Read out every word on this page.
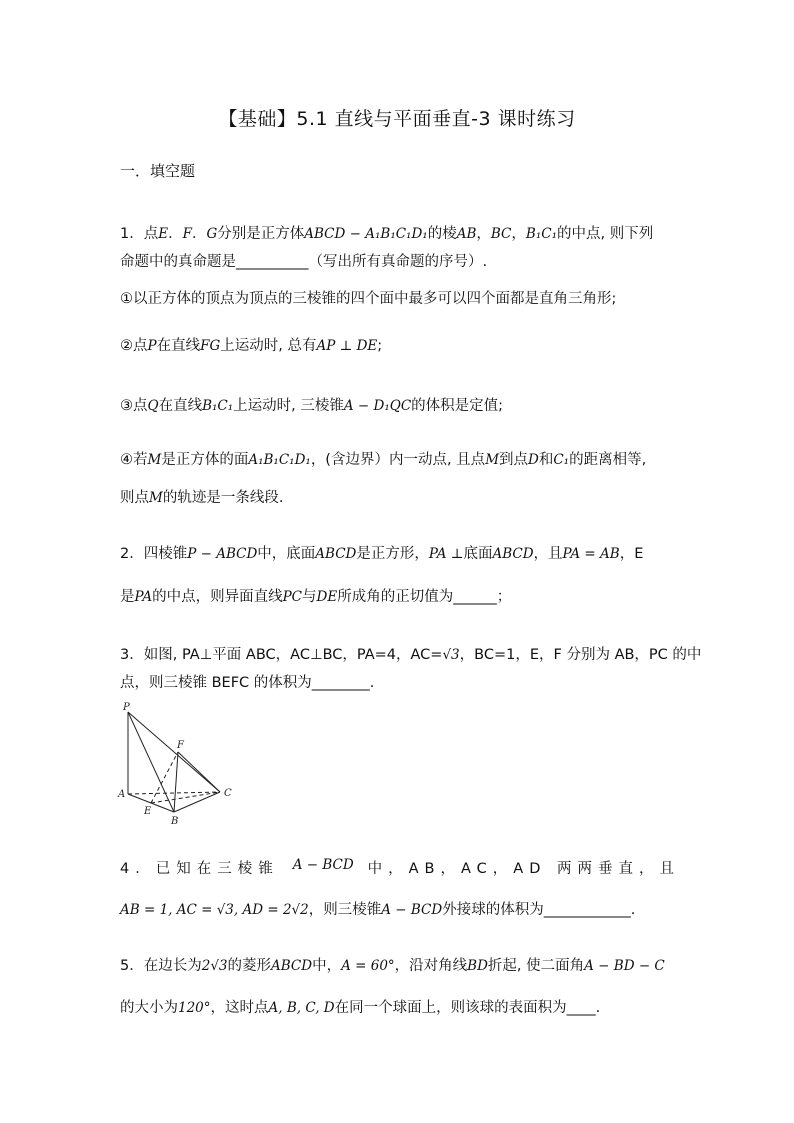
【基础】5.1 直线与平面垂直-3 课时练习
一．填空题
1．点E．F．G分别是正方体ABCD − A₁B₁C₁D₁的棱AB，BC，B₁C₁的中点, 则下列
命题中的真命题是__________（写出所有真命题的序号）.
①以正方体的顶点为顶点的三棱锥的四个面中最多可以四个面都是直角三角形;
②点P在直线FG上运动时, 总有AP ⊥ DE;
③点Q在直线B₁C₁上运动时, 三棱锥A − D₁QC的体积是定值;
④若M是正方体的面A₁B₁C₁D₁，(含边界）内一动点, 且点M到点D和C₁的距离相等,
则点M的轨迹是一条线段.
2．四棱锥P − ABCD中，底面ABCD是正方形，PA ⊥底面ABCD，且PA = AB，E
是PA的中点，则异面直线PC与DE所成角的正切值为______；
3．如图, PA⊥平面 ABC，AC⊥BC，PA=4，AC=√3，BC=1，E，F 分别为 AB，PC 的中
点，则三棱锥 BEFC 的体积为________.
P
F
A	C
E
B
4．已知在三棱锥 A − BCD 中，AB，AC，AD 两两垂直，且
AB = 1, AC = √3, AD = 2√2，则三棱锥A − BCD外接球的体积为____________.
5．在边长为2√3的菱形ABCD中，A = 60°，沿对角线BD折起, 使二面角A − BD − C
的大小为120°，这时点A, B, C, D在同一个球面上，则该球的表面积为____.
